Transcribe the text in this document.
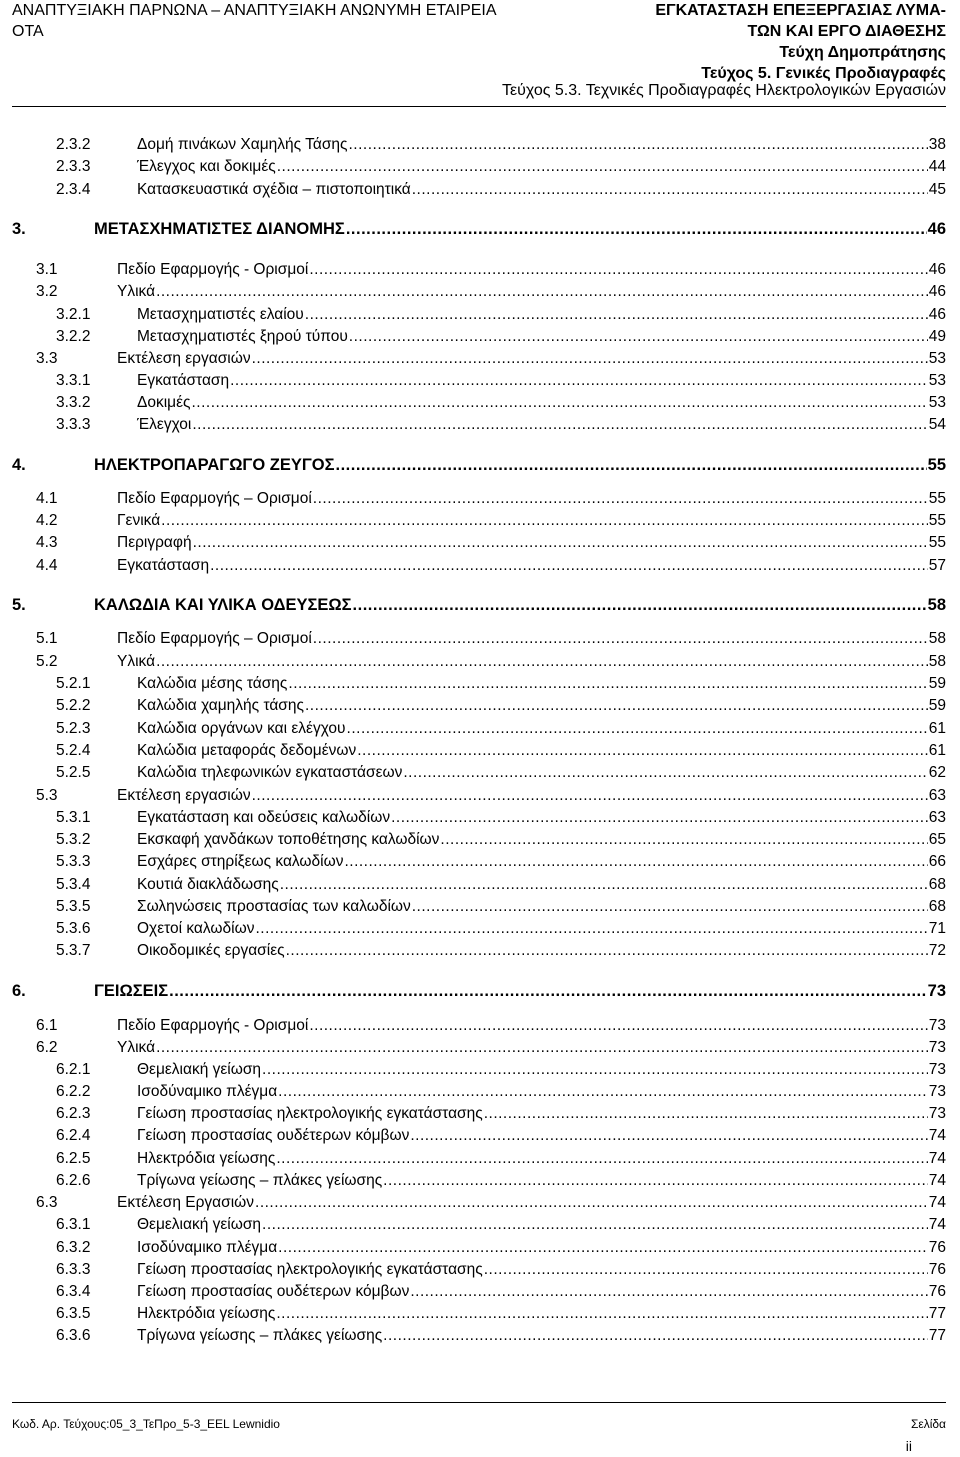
ΑΝΑΠΤΥΞΙΑΚΗ ΠΑΡΝΩΝΑ – ΑΝΑΠΤΥΞΙΑΚΗ ΑΝΩΝΥΜΗ ΕΤΑΙΡΕΙΑ
ΟΤΑ
ΕΓΚΑΤΑΣΤΑΣΗ ΕΠΕΞΕΡΓΑΣΙΑΣ ΛΥΜΑ-
ΤΩΝ ΚΑΙ ΕΡΓΟ ΔΙΑΘΕΣΗΣ
Τεύχη Δημοπράτησης
Τεύχος 5. Γενικές Προδιαγραφές
Τεύχος 5.3. Τεχνικές Προδιαγραφές Ηλεκτρολογικών Εργασιών
2.3.2	Δομή πινάκων Χαμηλής Τάσης .....	38
2.3.3	Έλεγχος και δοκιμές .....	44
2.3.4	Κατασκευαστικά σχέδια – πιστοποιητικά .....	45
3.	ΜΕΤΑΣΧΗΜΑΤΙΣΤΕΣ ΔΙΑΝΟΜΗΣ .....	46
3.1	Πεδίο Εφαρμογής - Ορισμοί .....	46
3.2	Υλικά .....	46
3.2.1	Μετασχηματιστές ελαίου .....	46
3.2.2	Μετασχηματιστές ξηρού τύπου .....	49
3.3	Εκτέλεση εργασιών .....	53
3.3.1	Εγκατάσταση .....	53
3.3.2	Δοκιμές .....	53
3.3.3	Έλεγχοι .....	54
4.	ΗΛΕΚΤΡΟΠΑΡΑΓΩΓΟ ΖΕΥΓΟΣ .....	55
4.1	Πεδίο Εφαρμογής – Ορισμοί .....	55
4.2	Γενικά .....	55
4.3	Περιγραφή .....	55
4.4	Εγκατάσταση .....	57
5.	ΚΑΛΩΔΙΑ ΚΑΙ ΥΛΙΚΑ ΟΔΕΥΣΕΩΣ .....	58
5.1	Πεδίο Εφαρμογής – Ορισμοί .....	58
5.2	Υλικά .....	58
5.2.1	Καλώδια μέσης τάσης .....	59
5.2.2	Καλώδια χαμηλής τάσης .....	59
5.2.3	Καλώδια οργάνων και ελέγχου .....	61
5.2.4	Καλώδια μεταφοράς δεδομένων .....	61
5.2.5	Καλώδια τηλεφωνικών εγκαταστάσεων .....	62
5.3	Εκτέλεση εργασιών .....	63
5.3.1	Εγκατάσταση και οδεύσεις καλωδίων .....	63
5.3.2	Εκσκαφή χανδάκων τοποθέτησης καλωδίων .....	65
5.3.3	Εσχάρες στηρίξεως καλωδίων .....	66
5.3.4	Κουτιά διακλάδωσης .....	68
5.3.5	Σωληνώσεις προστασίας των καλωδίων .....	68
5.3.6	Οχετοί καλωδίων .....	71
5.3.7	Οικοδομικές εργασίες .....	72
6.	ΓΕΙΩΣΕΙΣ .....	73
6.1	Πεδίο Εφαρμογής - Ορισμοί .....	73
6.2	Υλικά .....	73
6.2.1	Θεμελιακή γείωση .....	73
6.2.2	Ισοδύναμικο πλέγμα .....	73
6.2.3	Γείωση προστασίας ηλεκτρολογικής εγκατάστασης .....	73
6.2.4	Γείωση προστασίας ουδέτερων κόμβων .....	74
6.2.5	Ηλεκτρόδια γείωσης .....	74
6.2.6	Τρίγωνα γείωσης – πλάκες γείωσης .....	74
6.3	Εκτέλεση Εργασιών .....	74
6.3.1	Θεμελιακή γείωση .....	74
6.3.2	Ισοδύναμικο πλέγμα .....	76
6.3.3	Γείωση προστασίας ηλεκτρολογικής εγκατάστασης .....	76
6.3.4	Γείωση προστασίας ουδέτερων κόμβων .....	76
6.3.5	Ηλεκτρόδια γείωσης .....	77
6.3.6	Τρίγωνα γείωσης – πλάκες γείωσης .....	77
Κωδ. Αρ. Τεύχους:05_3_ΤεΠρο_5-3_EEL Lewnidio	Σελίδα
ii
